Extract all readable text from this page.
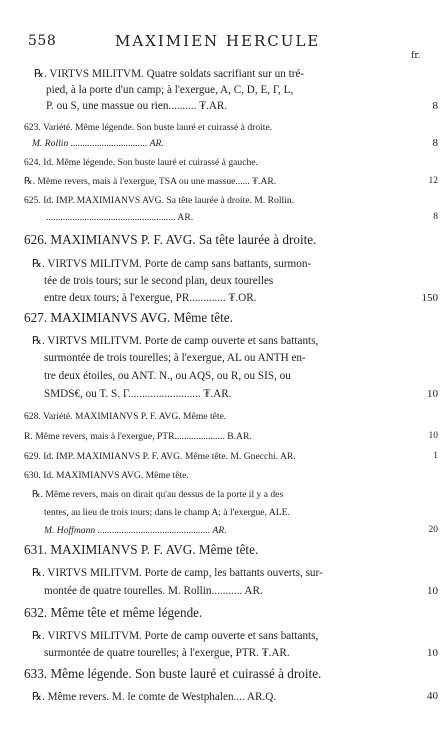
558	MAXIMIEN HERCULE
fr.
℞. VIRTVS MILITVM. Quatre soldats sacrifiant sur un tré-
pied, à la porte d'un camp; à l'exergue, A, C, D, E, Γ, L,
P. ou S, une massue ou rien.......... ₮.AR.	8
623. Variété. Même légende. Son buste lauré et cuirassé à droite.
M. Rollin ................................ AR.	8
624. Id. Même légende. Son buste lauré et cuirassé à gauche.
℞. Même revers, mais à l'exergue, TSA ou une massue...... ₮.AR.	12
625. Id. IMP. MAXIMIANVS AVG. Sa tête laurée à droite. M. Rollin.
...................................................... AR.	8
626. MAXIMIANVS P. F. AVG. Sa tête laurée à droite.
℞. VIRTVS MILITVM. Porte de camp sans battants, surmon-
tée de trois tours; sur le second plan, deux tourelles
entre deux tours; à l'exergue, PR............. ₮.OR.	150
627. MAXIMIANVS AVG. Même tête.
℞. VIRTVS MILITVM. Porte de camp ouverte et sans battants,
surmontée de trois tourelles; à l'exergue, AL ou ANTH en-
tre deux étoiles, ou ANT. N., ou AQS, ou R, ou SIS, ou
SMDS€, ou T. S. Γ.......................... ₮.AR.	10
628. Variété. MAXIMIANVS P. F. AVG. Même tête.
R. Même revers, mais à l'exergue, PTR..................... B.AR.	10
629. Id. IMP. MAXIMIANVS P. F. AVG. Même tête. M. Gnecchi. AR.	1
630. Id. MAXIMIANVS AVG. Même tête.
℞. Même revers, mais on dirait qu'au dessus de la porte il y a des
tentes, au lieu de trois tours; dans le champ A; à l'exergue, ALE.
M. Hoffmann ............................................... AR.	20
631. MAXIMIANVS P. F. AVG. Même tête.
℞. VIRTVS MILITVM. Porte de camp, les battants ouverts, sur-
montée de quatre tourelles. M. Rollin........... AR.	10
632. Même tête et même légende.
℞. VIRTVS MILITVM. Porte de camp ouverte et sans battants,
surmontée de quatre tourelles; à l'exergue, PTR. ₮.AR.	10
633. Même légende. Son buste lauré et cuirassé à droite.
℞. Même revers. M. le comte de Westphalen.... AR.Q.	40
